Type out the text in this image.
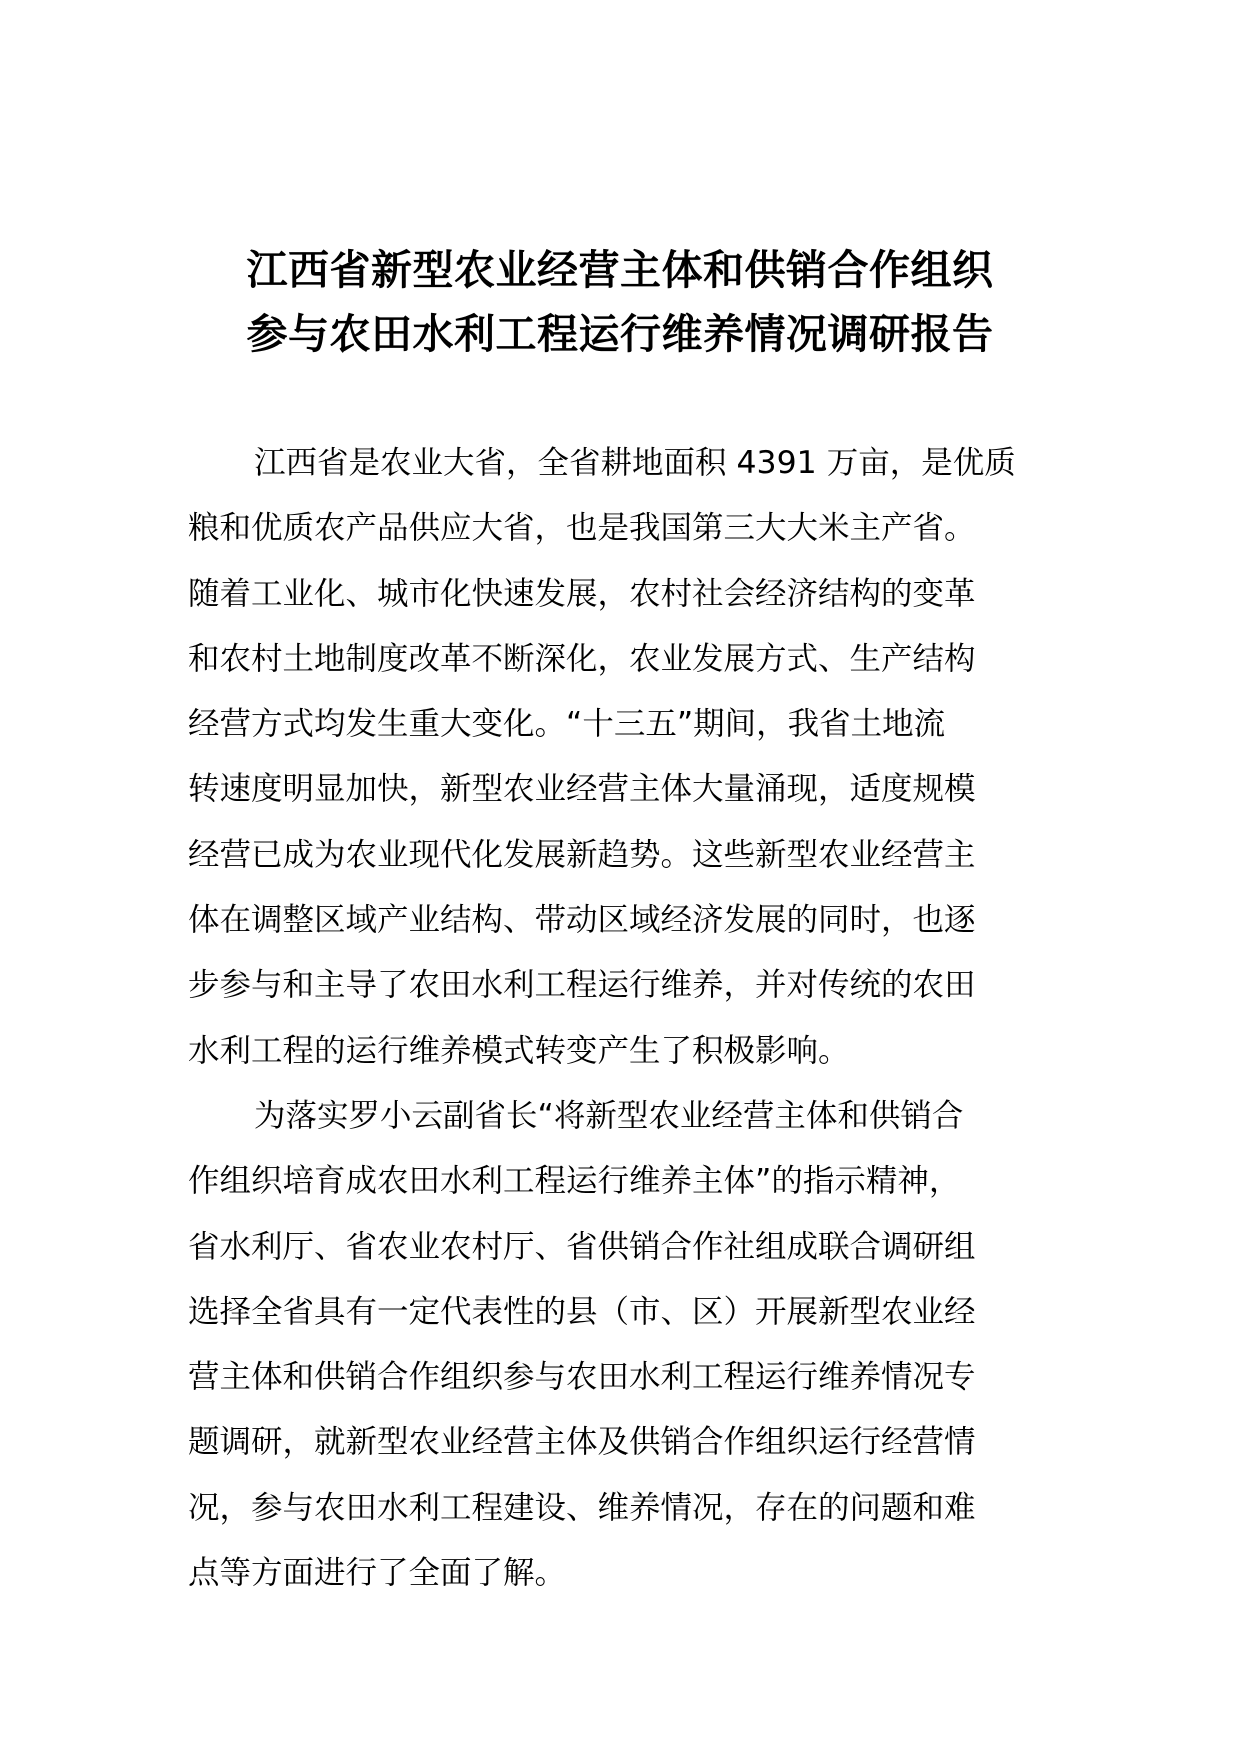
江西省新型农业经营主体和供销合作组织
参与农田水利工程运行维养情况调研报告
江西省是农业大省，全省耕地面积 4391 万亩，是优质
粮和优质农产品供应大省，也是我国第三大大米主产省。
随着工业化、城市化快速发展，农村社会经济结构的变革
和农村土地制度改革不断深化，农业发展方式、生产结构
经营方式均发生重大变化。“十三五”期间，我省土地流
转速度明显加快，新型农业经营主体大量涌现，适度规模
经营已成为农业现代化发展新趋势。这些新型农业经营主
体在调整区域产业结构、带动区域经济发展的同时，也逐
步参与和主导了农田水利工程运行维养，并对传统的农田
水利工程的运行维养模式转变产生了积极影响。
为落实罗小云副省长“将新型农业经营主体和供销合
作组织培育成农田水利工程运行维养主体”的指示精神，
省水利厅、省农业农村厅、省供销合作社组成联合调研组
选择全省具有一定代表性的县（市、区）开展新型农业经
营主体和供销合作组织参与农田水利工程运行维养情况专
题调研，就新型农业经营主体及供销合作组织运行经营情
况，参与农田水利工程建设、维养情况，存在的问题和难
点等方面进行了全面了解。
